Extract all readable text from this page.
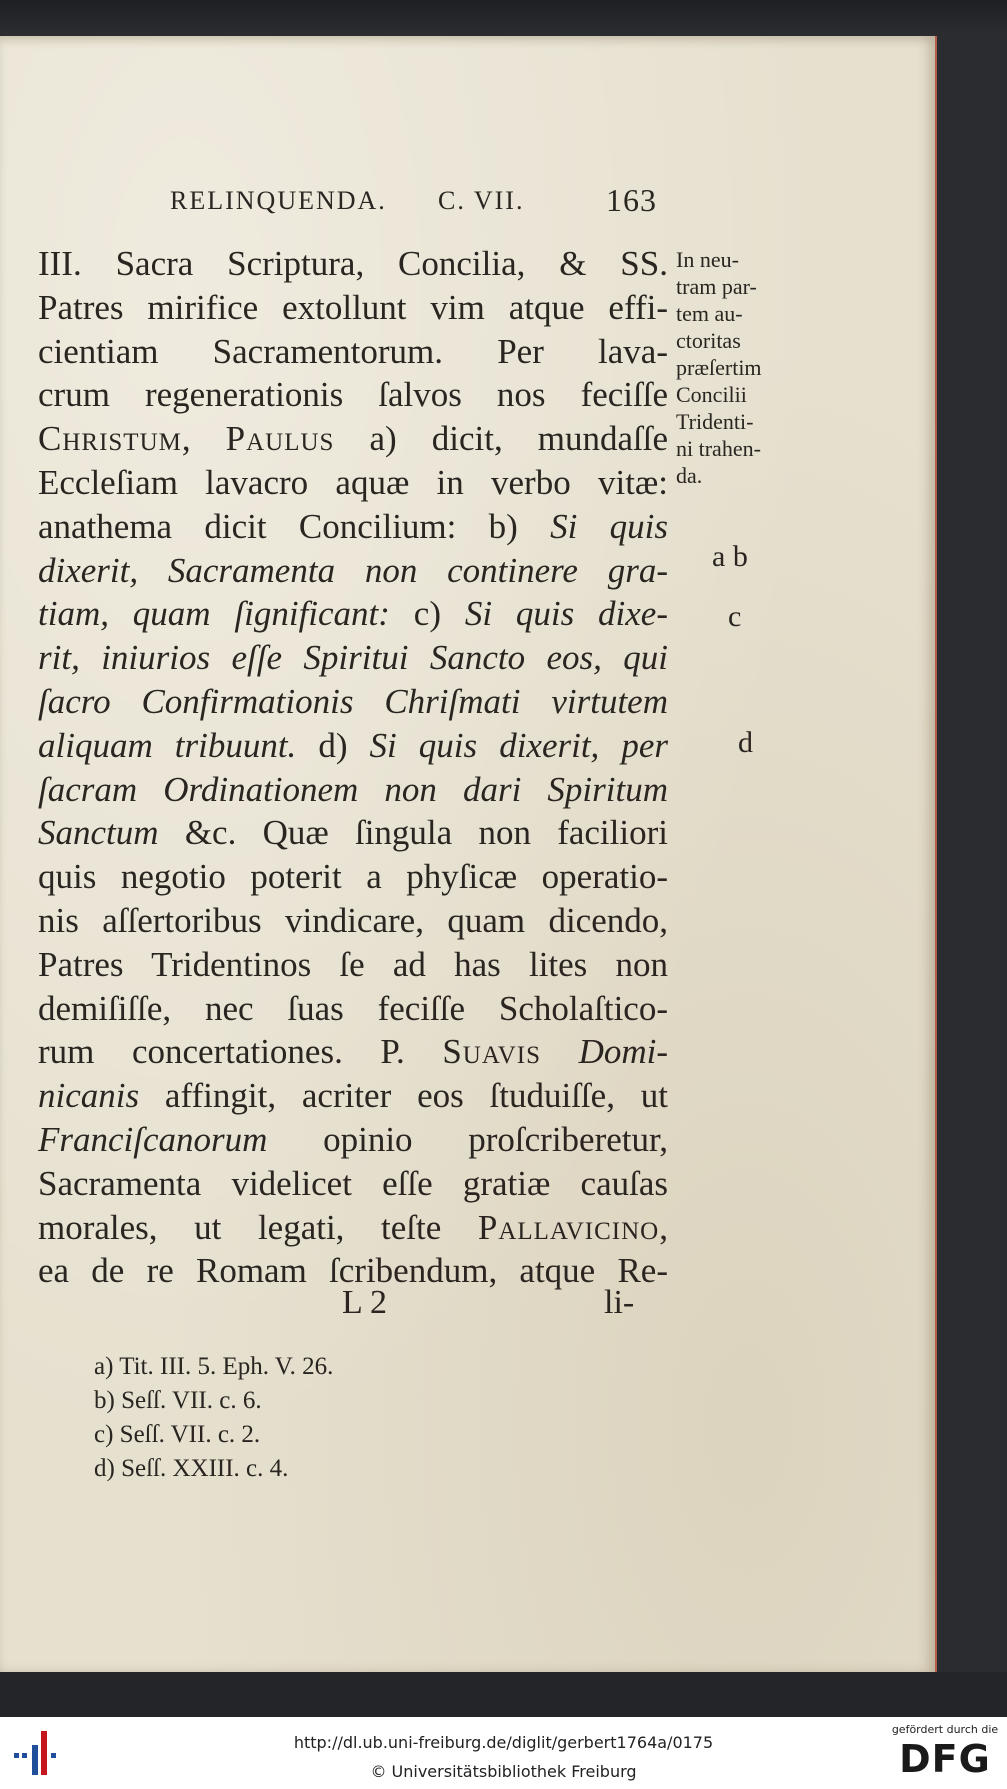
RELINQUENDA. C. VII.	163
III. Sacra Scriptura, Concilia, & SS.
Patres mirifice extollunt vim atque effi-
cientiam Sacramentorum. Per lava-
crum regenerationis ſalvos nos feciſſe
Christum, Paulus a) dicit, mundaſſe
Eccleſiam lavacro aquæ in verbo vitæ:
anathema dicit Concilium: b) Si quis
dixerit, Sacramenta non continere gra-
tiam, quam ſignificant: c) Si quis dixe-
rit, iniurios eſſe Spiritui Sancto eos, qui
ſacro Confirmationis Chriſmati virtutem
aliquam tribuunt. d) Si quis dixerit, per
ſacram Ordinationem non dari Spiritum
Sanctum &c. Quæ ſingula non faciliori
quis negotio poterit a phyſicæ operatio-
nis aſſertoribus vindicare, quam dicendo,
Patres Tridentinos ſe ad has lites non
demiſiſſe, nec ſuas feciſſe Scholaſtico-
rum concertationes. P. Suavis Domi-
nicanis affingit, acriter eos ſtuduiſſe, ut
Franciſcanorum opinio proſcriberetur,
Sacramenta videlicet eſſe gratiæ cauſas
morales, ut legati, teſte Pallavicino,
ea de re Romam ſcribendum, atque Re-
In neu-
tram par-
tem au-
ctoritas
præſertim
Concilii
Tridenti-
ni trahen-
da.
a b
c
d
L 2	li-
a) Tit. III. 5. Eph. V. 26.
b) Seſſ. VII. c. 6.
c) Seſſ. VII. c. 2.
d) Seſſ. XXIII. c. 4.
http://dl.ub.uni-freiburg.de/diglit/gerbert1764a/0175
© Universitätsbibliothek Freiburg
gefördert durch die
DFG
